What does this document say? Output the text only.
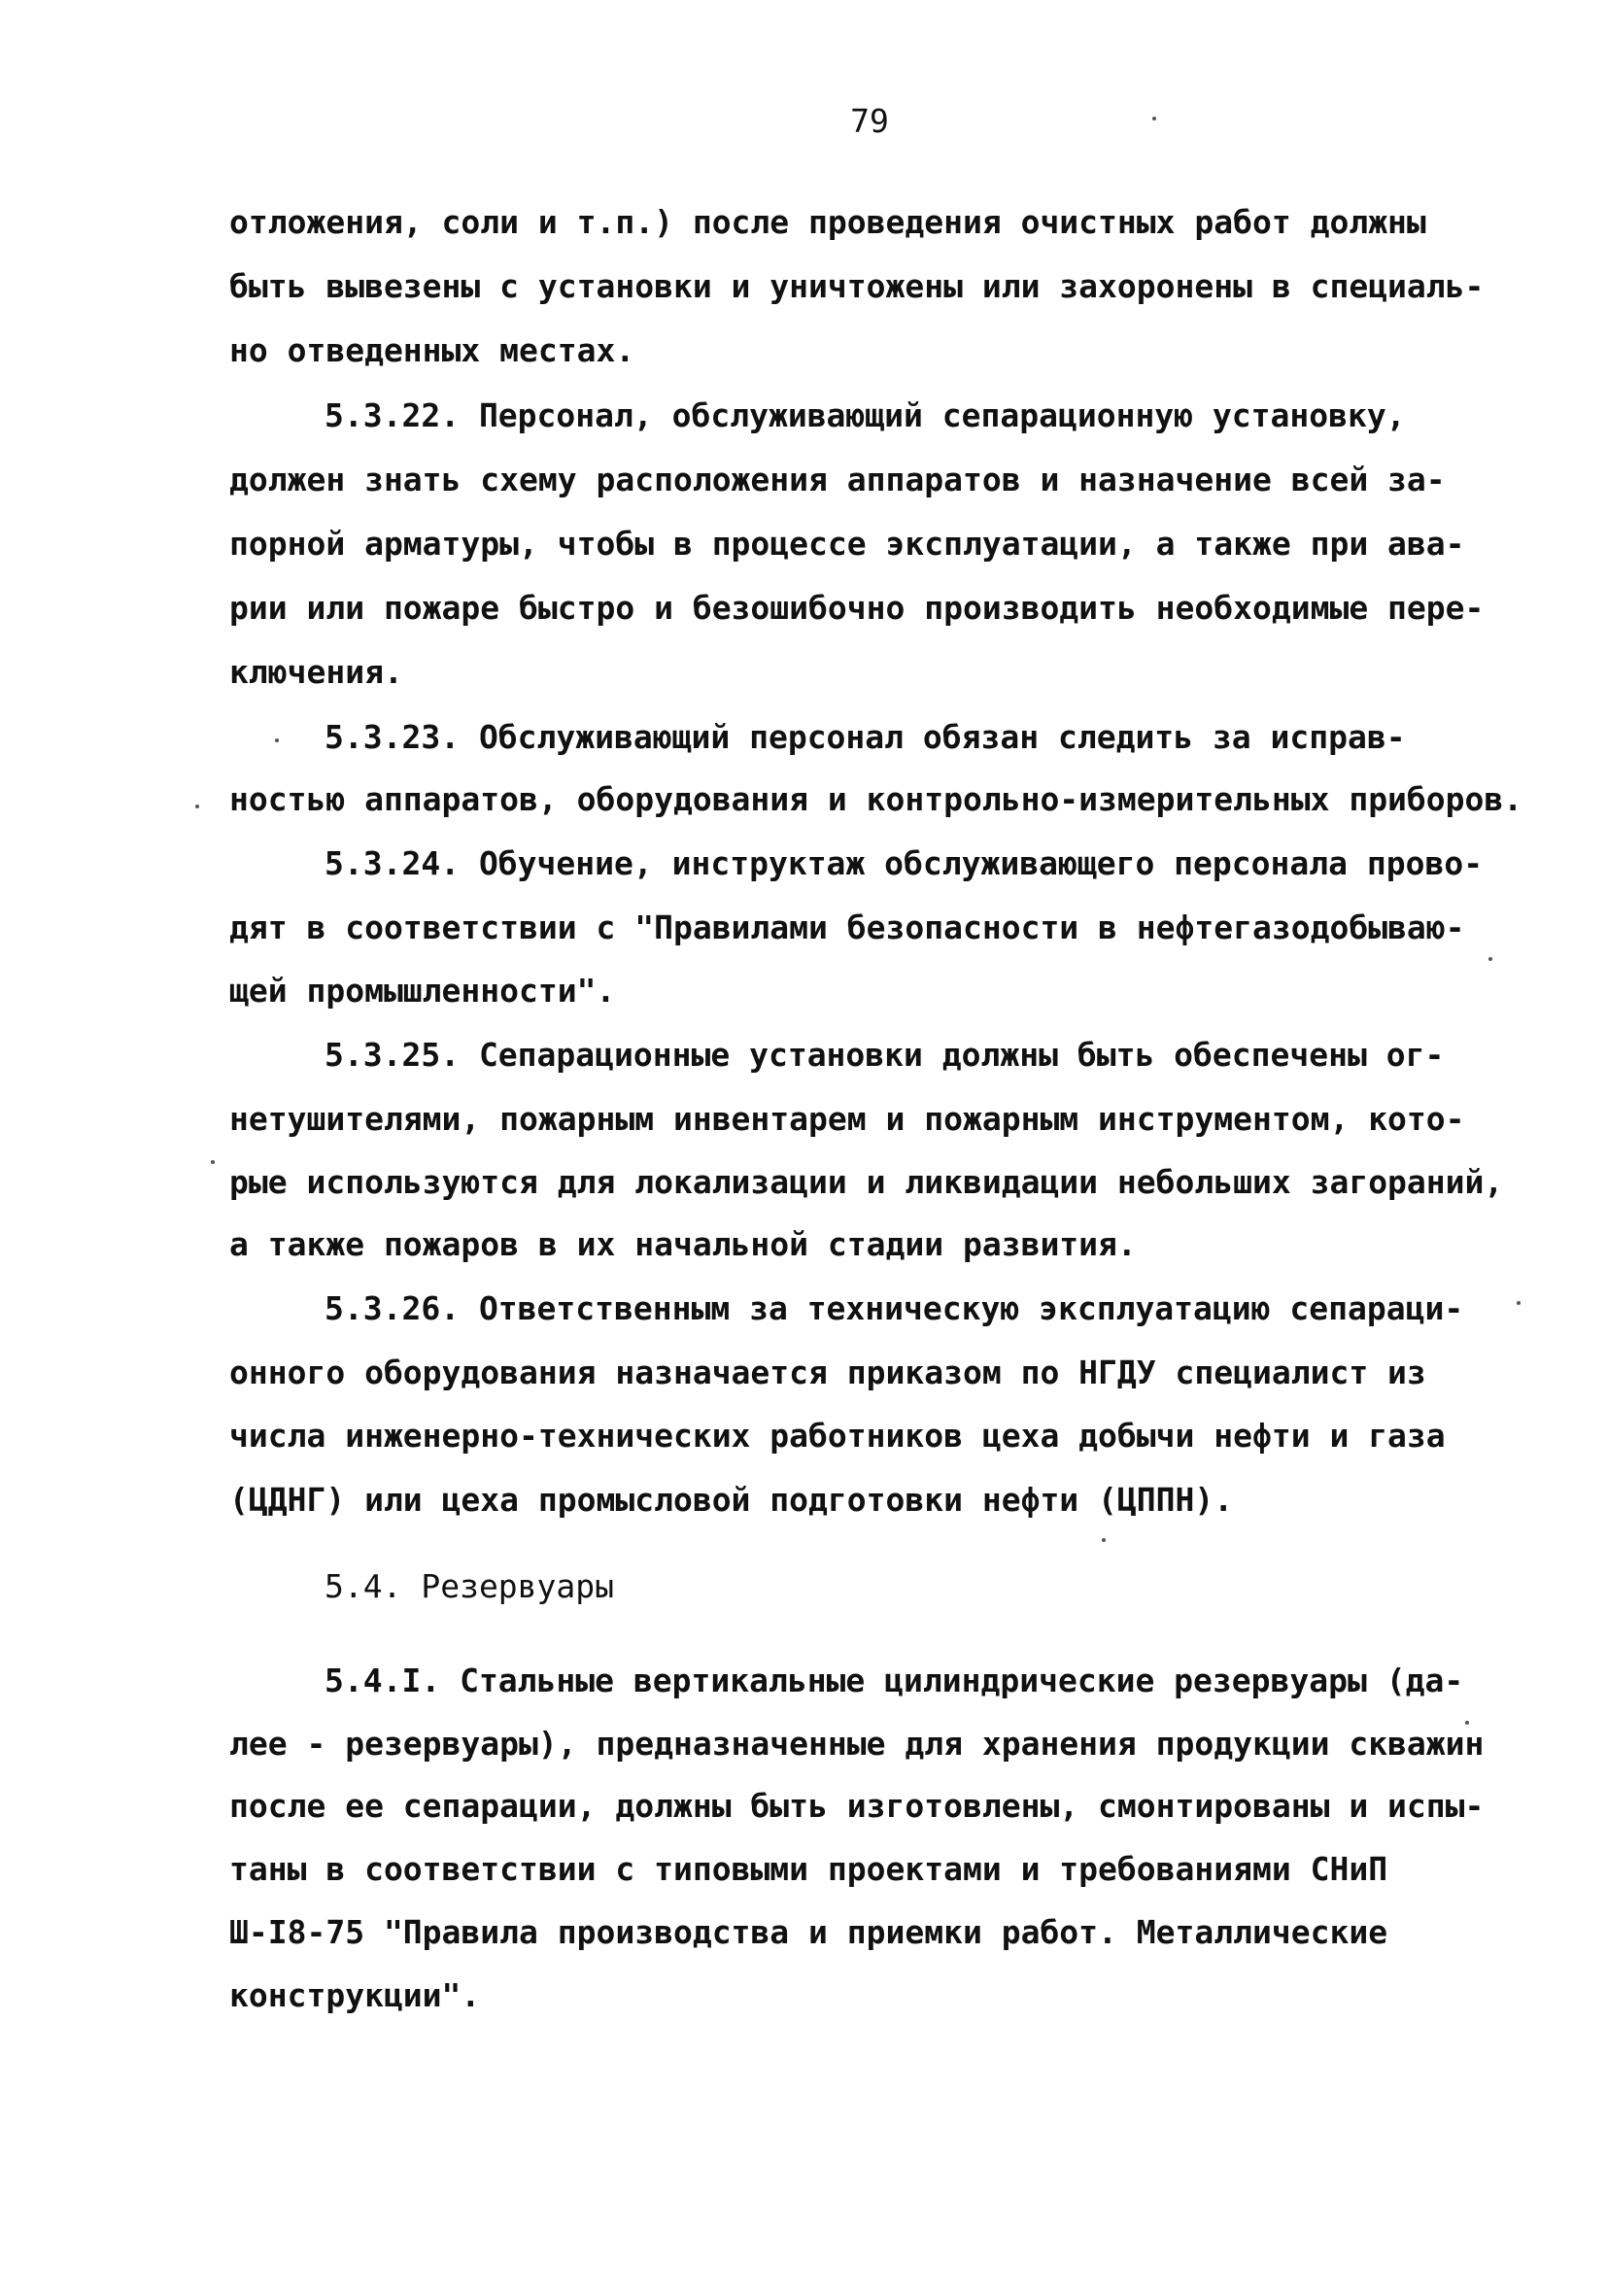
79
отложения, соли и т.п.) после проведения очистных работ должны
быть вывезены с установки и уничтожены или захоронены в специаль-
но отведенных местах.
5.3.22. Персонал, обслуживающий сепарационную установку,
должен знать схему расположения аппаратов и назначение всей за-
порной арматуры, чтобы в процессе эксплуатации, а также при ава-
рии или пожаре быстро и безошибочно производить необходимые пере-
ключения.
5.3.23. Обслуживающий персонал обязан следить за исправ-
ностью аппаратов, оборудования и контрольно-измерительных приборов.
5.3.24. Обучение, инструктаж обслуживающего персонала прово-
дят в соответствии с "Правилами безопасности в нефтегазодобываю-
щей промышленности".
5.3.25. Сепарационные установки должны быть обеспечены ог-
нетушителями, пожарным инвентарем и пожарным инструментом, кото-
рые используются для локализации и ликвидации небольших загораний,
а также пожаров в их начальной стадии развития.
5.3.26. Ответственным за техническую эксплуатацию сепараци-
онного оборудования назначается приказом по НГДУ специалист из
числа инженерно-технических работников цеха добычи нефти и газа
(ЦДНГ) или цеха промысловой подготовки нефти (ЦППН).
5.4. Резервуары
5.4.I. Стальные вертикальные цилиндрические резервуары (да-
лее - резервуары), предназначенные для хранения продукции скважин
после ее сепарации, должны быть изготовлены, смонтированы и испы-
таны в соответствии с типовыми проектами и требованиями СНиП
Ш-I8-75 "Правила производства и приемки работ. Металлические
конструкции".
